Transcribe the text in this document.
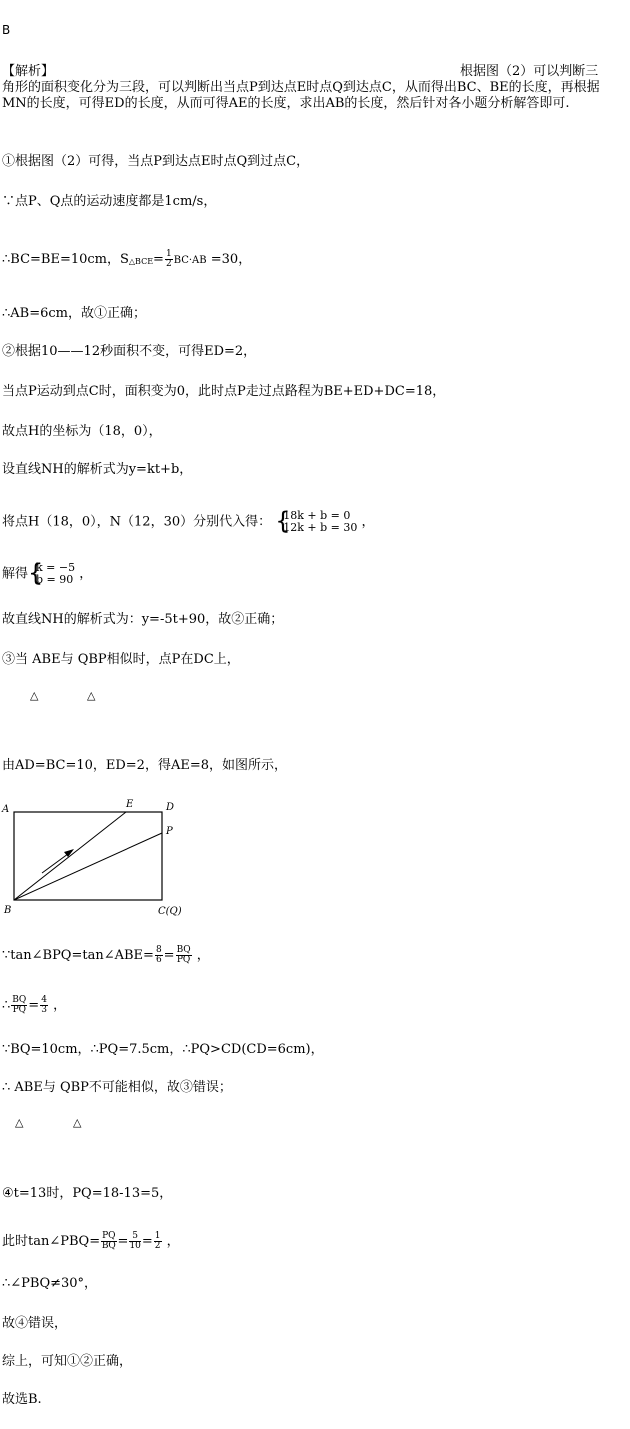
B
【解析】	根据图（2）可以判断三
角形的面积变化分为三段，可以判断出当点P到达点E时点Q到达点C，从而得出BC、BE的长度，再根据MN的长度，可得ED的长度，从而可得AE的长度，求出AB的长度，然后针对各小题分析解答即可.
①根据图（2）可得，当点P到达点E时点Q到过点C，
∵点P、Q点的运动速度都是1cm/s，
∴BC=BE=10cm，S△BCE= $\frac{1}{2} BC\cdot AB =30$，
∴AB=6cm，故①正确；
②根据10——12秒面积不变，可得ED=2，
当点P运动到点C时，面积变为0，此时点P走过点路程为BE+ED+DC=18，
故点H的坐标为（18，0），
设直线NH的解析式为y=kt+b，
将点H（18，0），N（12，30）分别代入得： {
18k + b = 0
12k + b = 30 ，
解得 {
k = −5
b = 90 ，
故直线NH的解析式为：y=-5t+90，故②正确；
③当 ABE与 QBP相似时，点P在DC上，
△	△
由AD=BC=10，ED=2，得AE=8，如图所示，
A	E	D
P
B	C(Q)
∵tan∠BPQ=tan∠ABE= $\frac{8}{6} = \frac{BQ}{PQ}$ ，
∴ $\frac{BQ}{PQ} = \frac{4}{3}$ ，
∵BQ=10cm，∴PQ=7.5cm，∴PQ>CD(CD=6cm)，
∴ ABE与 QBP不可能相似，故③错误；
△	△
④t=13时，PQ=18-13=5，
此时tan∠PBQ= $\frac{PQ}{BQ} = \frac{5}{10} = \frac{1}{2}$ ，
∴∠PBQ≠30°，
故④错误，
综上，可知①②正确，
故选B.
